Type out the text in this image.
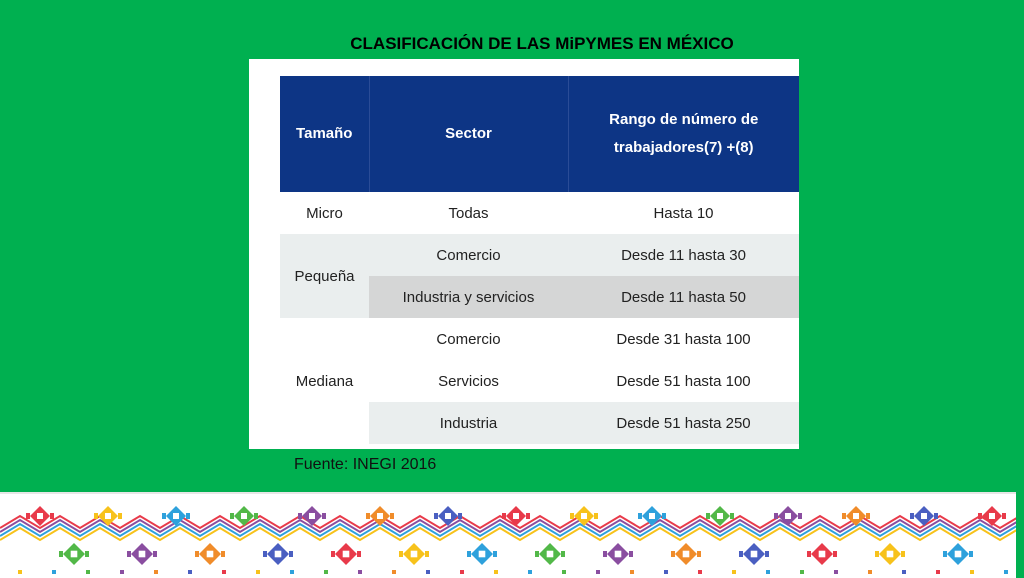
CLASIFICACIÓN DE LAS MiPYMES EN MÉXICO
Tamaño	Sector	Rango de número de trabajadores(7) +(8)
Micro	Todas	Hasta 10
Pequeña	Comercio	Desde 11 hasta 30
	Industria y servicios	Desde 11 hasta 50
Mediana	Comercio	Desde 31 hasta 100
	Servicios	Desde 51 hasta 100
	Industria	Desde 51 hasta 250
Fuente: INEGI 2016
